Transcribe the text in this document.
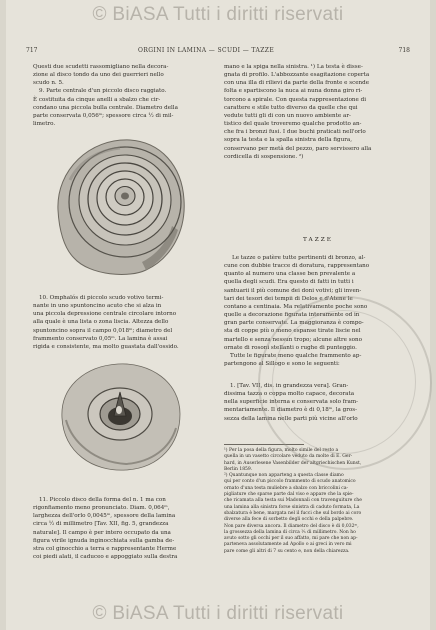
© BiASA Tutti i diritti riservati
717	ORGINI IN LAMINA — SCUDI — TAZZE	718

Questi due scudetti rassomigliano nella decora-

zione al disco tondo da uno dei guerrieri nello

scudo n. 5.

9. Parte centrale d'un piccolo disco raggiato.

È costituita da cinque anelli a sbalzo che cir-

condano una piccola bulla centrale. Diametro della

parte conservata 0,056ᵐ; spessore circa ½ di mil-

limetro.

10. Omphalós di piccolo scudo votivo termi-

nante in uno spuntoncino acuto che si alza in

una piccola depressione centrale circolare intorno

alla quale è una lista o zona liscia. Altezza dello

spuntoncino sopra il campo 0,018ᵐ; diametro del

frammento conservato 0,05ᵐ. La lamina è assai

rigida e consistente, ma molto guastata dall'ossido.

11. Piccolo disco della forma del n. 1 ma con

rigonfiamento meno pronunciato. Diam. 0,064ᵐ,

larghezza dell'orlo 0,0045ᵐ, spessore della lamina

circa ½ di millimetro [Tav. XII, fig. 5, grandezza

naturale]. Il campo è per intero occupato da una

figura virile ignuda inginocchiata sulla gamba de-

stra col ginocchio a terra e rappresentante Herme

coi piedi alati, il caduceo e appoggiato sulla destra

mano e la spiga nella sinistra. ¹) La testa è disse-

gnata di profilo. L'abbozzante esagitazione coperta

con una illa di rilievi da parte della fronte e scende

folta e spartiscono la nuca ai nuna donna giro ri-

torcono a spirale. Con questa rappresentazione di

carattere e stile tutto diverso da quelle che qui

vedute tutti gli di con un nuovo ambiente ar-

tistico del quale troveremo qualche prodotto an-

che fra i bronzi fusi. I due buchi praticati nell'orlo

sopra la testa e la spalla sinistra della figura,

conservano per metà del pezzo, paro servissero alla

cordicella di sospensione. ²)

TAZZE

Le tazze o patère tutte pertinenti di bronzo, al-

cune con dubbie tracce di doratura, rappresentano

quanto al numero una classe ben prevalente a

quella degli scudi. Era questo di fatti in tutti i

santuarii il più comune dei doni votivi; gli inven-

tari dei tesori dei tempii di Delos e d'Atene le

contano a centinaia. Ma relativamente poche sono

quelle a decorazione figurata interamente od in

gran parte conservate. La maggioranza è compo-

sta di coppe più o meno espanse tirate liscie nel

martello e senza nessun tropo; alcune altre sono

ornate di rosoni stellanti o rughe di punteggio.

Tutte le figurate meno qualche frammento ap-

partengono al Sillogo e sono le seguenti:

1. [Tav. VII, dis. in grandezza vera]. Gran-

dissima tazza o coppa molto capace, decorata

nella superficie interna e conservata solo fram-

mentariamente. Il diametro è di 0,18ᵐ, la gros-

sezza della lamina nelle parti più vicine all'orlo

¹) Per la posa della figura, molto simile del resto a

quella in un vasetto circolare veduto da molte di E. Ger-

hard, in Auserlesene Vasenbilder der altgriechischen Kunst,

Berlin 1859.

²) Quantunque non apparteng a questa classe diamo

qui per conto d'un piccolo frammento di scudo anatomico

ornato d'una testa muliebre a sbalzo con briccolini ca-

pigliature che sparse parte dal viso e appare che la spie-

che ricamata alla testa sui Madonnali con travenguiture che

una lamina alla sinistra forse sinistra di caduto formata, La

sbalzatura è bene, margata nel il fucci che sul bordo ai coro

diverse alla fece di sorbetto degli occhi e della palpebre.

Non pare diversa ancora. Il diametro del disco è di 0,032ᵐ,

la grossezza della lamina di circa ⅓ di millimetro. Non ho

avuto sotto gli occhi per il suo affatto, mi pare che non ap-

parteneva assolutamente ad Apollo o ai greci in vero mi

pare come gli altri di 7 su cento e, non della chiarezza.

© BiASA Tutti i diritti riservati
